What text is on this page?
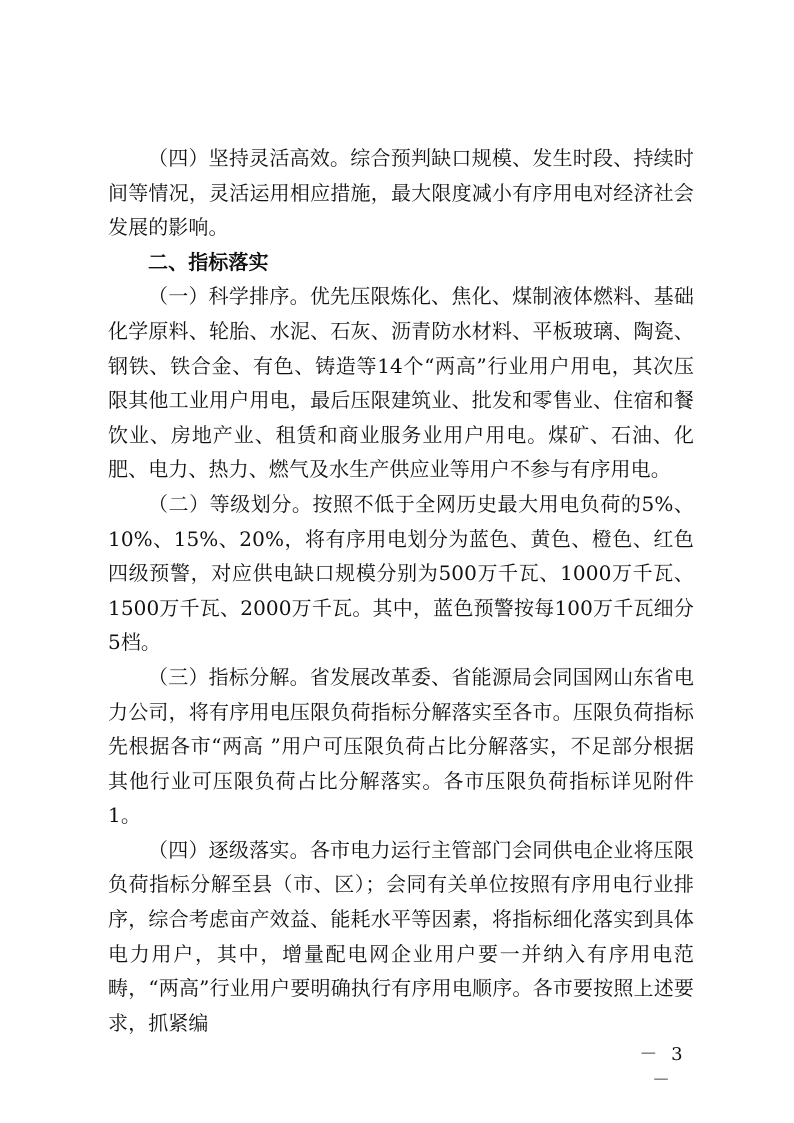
（四）坚持灵活高效。综合预判缺口规模、发生时段、持续时间等情况，灵活运用相应措施，最大限度减小有序用电对经济社会发展的影响。

二、指标落实

（一）科学排序。优先压限炼化、焦化、煤制液体燃料、基础化学原料、轮胎、水泥、石灰、沥青防水材料、平板玻璃、陶瓷、钢铁、铁合金、有色、铸造等14个“两高”行业用户用电，其次压限其他工业用户用电，最后压限建筑业、批发和零售业、住宿和餐饮业、房地产业、租赁和商业服务业用户用电。煤矿、石油、化肥、电力、热力、燃气及水生产供应业等用户不参与有序用电。

（二）等级划分。按照不低于全网历史最大用电负荷的5%、10%、15%、20%，将有序用电划分为蓝色、黄色、橙色、红色四级预警，对应供电缺口规模分别为500万千瓦、1000万千瓦、1500万千瓦、2000万千瓦。其中，蓝色预警按每100万千瓦细分5档。

（三）指标分解。省发展改革委、省能源局会同国网山东省电力公司，将有序用电压限负荷指标分解落实至各市。压限负荷指标先根据各市“两高 ”用户可压限负荷占比分解落实，不足部分根据其他行业可压限负荷占比分解落实。各市压限负荷指标详见附件1。

（四）逐级落实。各市电力运行主管部门会同供电企业将压限负荷指标分解至县（市、区）；会同有关单位按照有序用电行业排序，综合考虑亩产效益、能耗水平等因素，将指标细化落实到具体电力用户，其中，增量配电网企业用户要一并纳入有序用电范畴，“两高”行业用户要明确执行有序用电顺序。各市要按照上述要求，抓紧编

－ 3 －
